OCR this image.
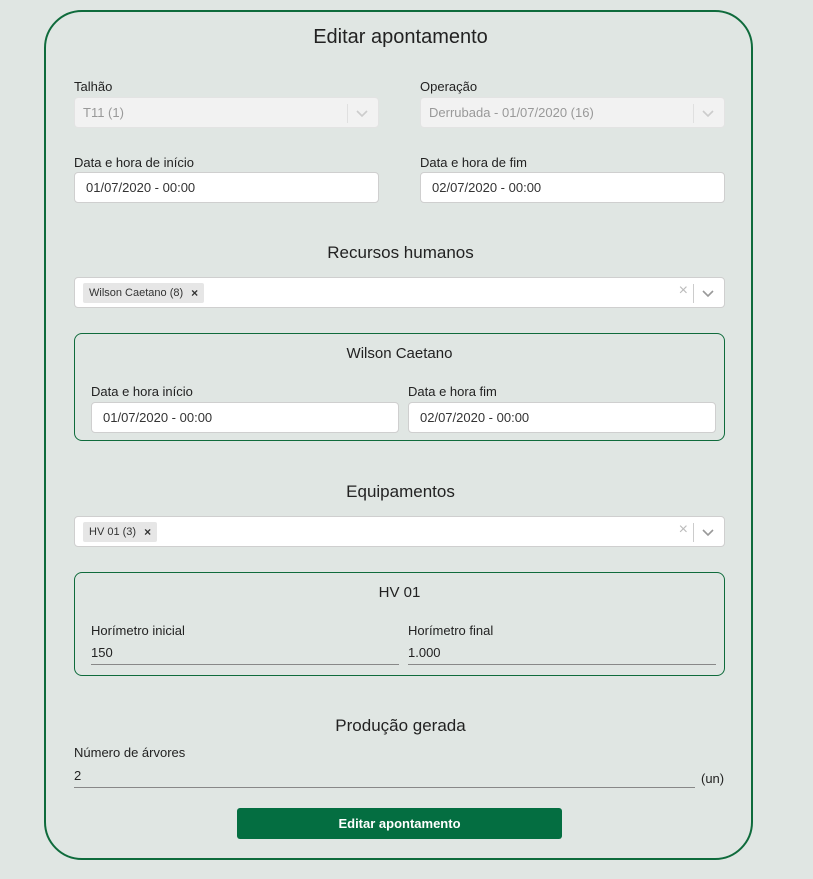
Editar apontamento
Talhão
T11 (1)
Operação
Derrubada - 01/07/2020 (16)
Data e hora de início
01/07/2020 - 00:00
Data e hora de fim
02/07/2020 - 00:00
Recursos humanos
Wilson Caetano (8) ×	×
Wilson Caetano
Data e hora início
01/07/2020 - 00:00
Data e hora fim
02/07/2020 - 00:00
Equipamentos
HV 01 (3) ×	×
HV 01
Horímetro inicial
150
Horímetro final
1.000
Produção gerada
Número de árvores
2	(un)
Editar apontamento
